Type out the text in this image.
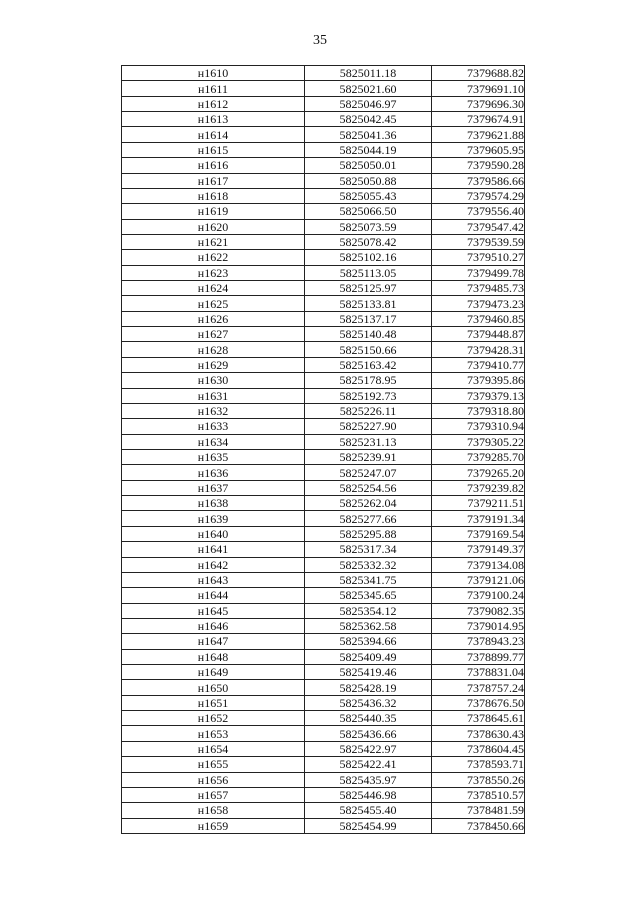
35
н1610	5825011.18	7379688.82
н1611	5825021.60	7379691.10
н1612	5825046.97	7379696.30
н1613	5825042.45	7379674.91
н1614	5825041.36	7379621.88
н1615	5825044.19	7379605.95
н1616	5825050.01	7379590.28
н1617	5825050.88	7379586.66
н1618	5825055.43	7379574.29
н1619	5825066.50	7379556.40
н1620	5825073.59	7379547.42
н1621	5825078.42	7379539.59
н1622	5825102.16	7379510.27
н1623	5825113.05	7379499.78
н1624	5825125.97	7379485.73
н1625	5825133.81	7379473.23
н1626	5825137.17	7379460.85
н1627	5825140.48	7379448.87
н1628	5825150.66	7379428.31
н1629	5825163.42	7379410.77
н1630	5825178.95	7379395.86
н1631	5825192.73	7379379.13
н1632	5825226.11	7379318.80
н1633	5825227.90	7379310.94
н1634	5825231.13	7379305.22
н1635	5825239.91	7379285.70
н1636	5825247.07	7379265.20
н1637	5825254.56	7379239.82
н1638	5825262.04	7379211.51
н1639	5825277.66	7379191.34
н1640	5825295.88	7379169.54
н1641	5825317.34	7379149.37
н1642	5825332.32	7379134.08
н1643	5825341.75	7379121.06
н1644	5825345.65	7379100.24
н1645	5825354.12	7379082.35
н1646	5825362.58	7379014.95
н1647	5825394.66	7378943.23
н1648	5825409.49	7378899.77
н1649	5825419.46	7378831.04
н1650	5825428.19	7378757.24
н1651	5825436.32	7378676.50
н1652	5825440.35	7378645.61
н1653	5825436.66	7378630.43
н1654	5825422.97	7378604.45
н1655	5825422.41	7378593.71
н1656	5825435.97	7378550.26
н1657	5825446.98	7378510.57
н1658	5825455.40	7378481.59
н1659	5825454.99	7378450.66
